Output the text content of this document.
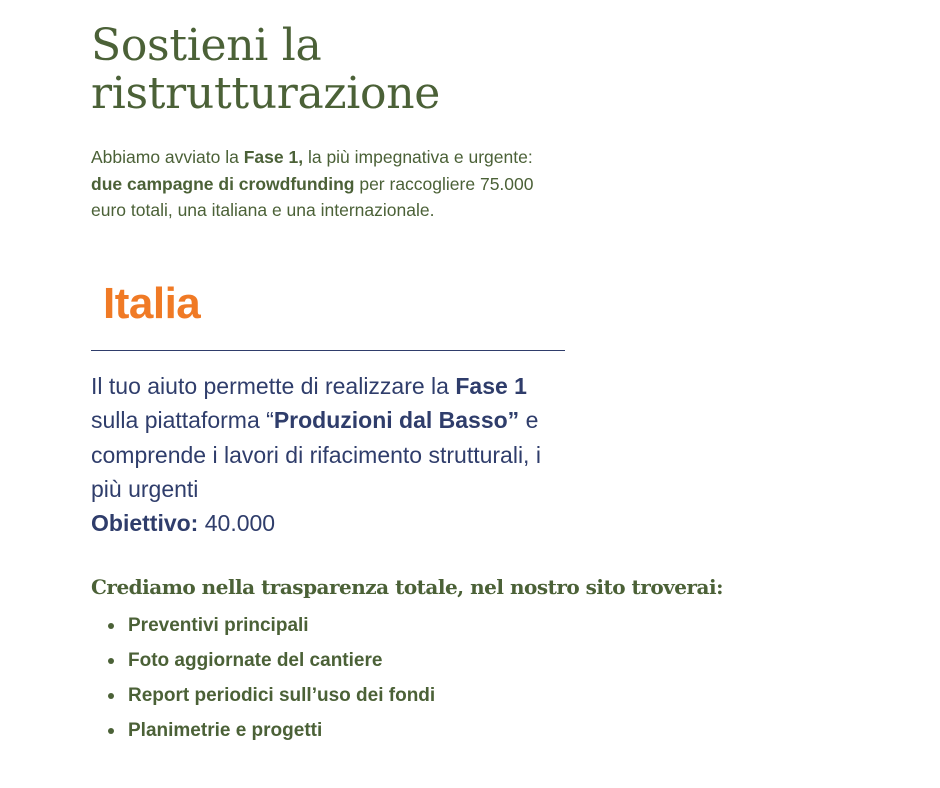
Sostieni la
ristrutturazione

Abbiamo avviato la Fase 1, la più impegnativa e urgente: due campagne di crowdfunding per raccogliere 75.000 euro totali, una italiana e una internazionale.

Italia

Il tuo aiuto permette di realizzare la Fase 1 sulla piattaforma “Produzioni dal Basso” e comprende i lavori di rifacimento strutturali, i più urgenti
Obiettivo: 40.000

Crediamo nella trasparenza totale, nel nostro sito troverai:
Preventivi principali
Foto aggiornate del cantiere
Report periodici sull’uso dei fondi
Planimetrie e progetti
